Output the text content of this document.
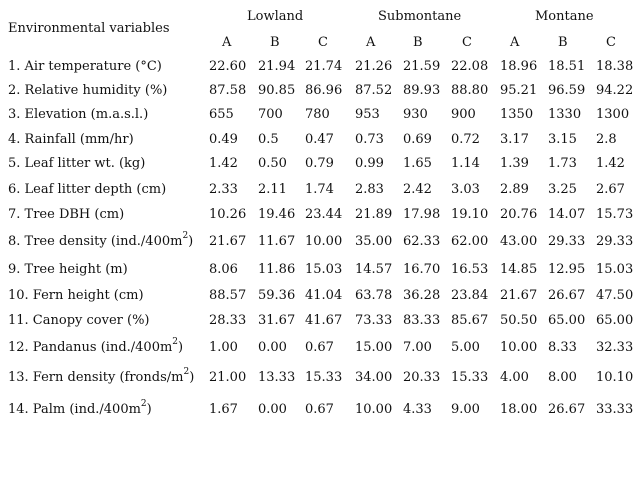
Environmental variables
Lowland	Submontane	Montane
A	B	C	A	B	C	A	B	C
1. Air temperature (°C)	22.60 21.94 21.74 21.26 21.59 22.08 18.96 18.51 18.38
2. Relative humidity (%)	87.58 90.85 86.96 87.52 89.93 88.80 95.21 96.59 94.22
3. Elevation (m.a.s.l.)	655 700 780 953 930 900 1350 1330 1300
4. Rainfall (mm/hr)	0.49 0.5 0.47 0.73 0.69 0.72 3.17 3.15 2.8
5. Leaf litter wt. (kg)	1.42 0.50 0.79 0.99 1.65 1.14 1.39 1.73 1.42
6. Leaf litter depth (cm)	2.33 2.11 1.74 2.83 2.42 3.03 2.89 3.25 2.67
7. Tree DBH (cm)	10.26 19.46 23.44 21.89 17.98 19.10 20.76 14.07 15.73
8. Tree density $(ind./400m^2)$ 21.67 11.67 10.00 35.00 62.33 62.00 43.00 29.33 29.33
9. Tree height (m)	8.06 11.86 15.03 14.57 16.70 16.53 14.85 12.95 15.03
10. Fern height (cm)	88.57 59.36 41.04 63.78 36.28 23.84 21.67 26.67 47.50
11. Canopy cover (%)	28.33 31.67 41.67 73.33 83.33 85.67 50.50 65.00 65.00
12. Pandanus $(ind./400m^2)$ 1.00 0.00 0.67 15.00 7.00 5.00 10.00 8.33 32.33
13. Fern density $(fronds/m^2)$ 21.00 13.33 15.33 34.00 20.33 15.33 4.00 8.00 10.10
14. Palm $(ind./400m^2)$	1.67 0.00 0.67 10.00 4.33 9.00 18.00 26.67 33.33
